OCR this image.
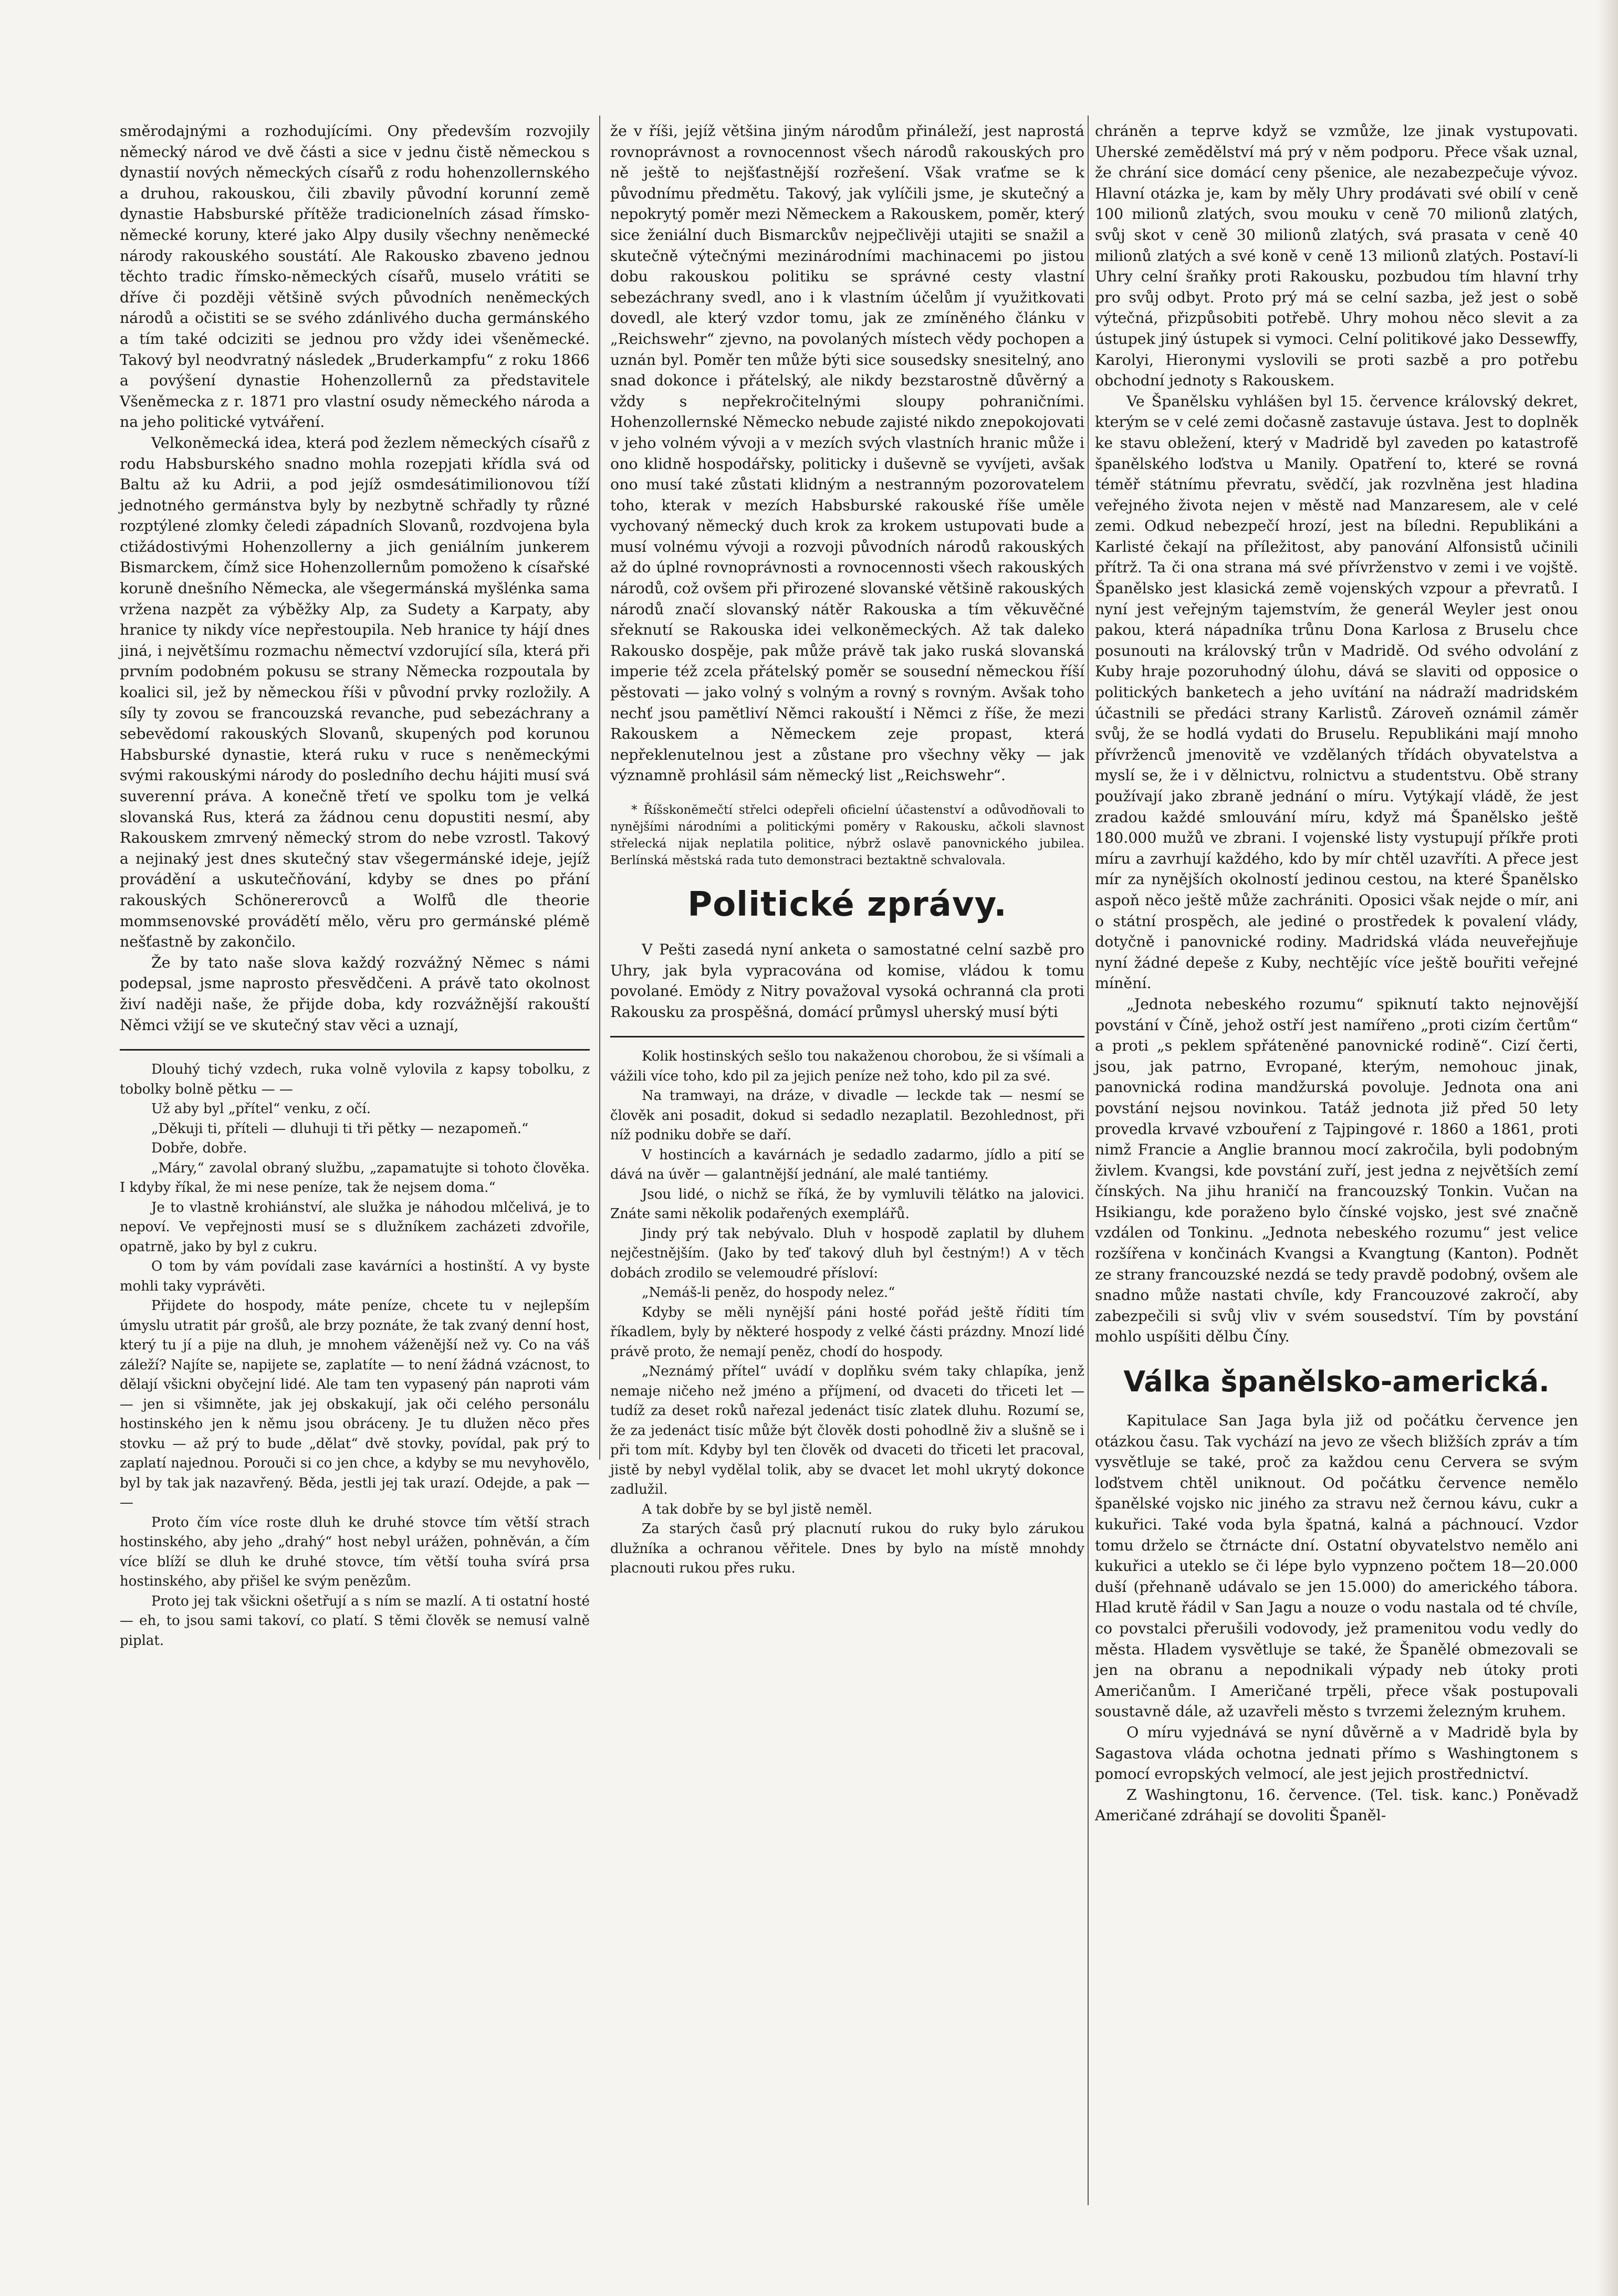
směrodajnými a rozhodujícími. Ony především rozvojily německý národ ve dvě části a sice v jednu čistě německou s dynastií nových německých císařů z rodu hohenzollernského a druhou, rakouskou, čili zbavily původní korunní země dynastie Habsburské přítěže tradicionelních zásad římsko-německé koruny, které jako Alpy dusily všechny neněmecké národy rakouského soustátí. Ale Rakousko zbaveno jednou těchto tradic římsko-německých císařů, muselo vrátiti se dříve či později většině svých původních neněmeckých národů a očistiti se se svého zdánlivého ducha germánského a tím také odciziti se jednou pro vždy idei všeněmecké. Takový byl neodvratný následek „Bruderkampfu“ z roku 1866 a povýšení dynastie Hohenzollernů za představitele Všeněmecka z r. 1871 pro vlastní osudy německého národa a na jeho politické vytváření.

Velkoněmecká idea, která pod žezlem německých císařů z rodu Habsburského snadno mohla rozepjati křídla svá od Baltu až ku Adrii, a pod jejíž osmdesátimilionovou tíží jednotného germánstva byly by nezbytně schřadly ty různé rozptýlené zlomky čeledi západních Slovanů, rozdvojena byla ctižádostivými Hohenzollerny a jich geniálním junkerem Bismarckem, čímž sice Hohenzollernům pomoženo k císařské koruně dnešního Německa, ale všegermánská myšlénka sama vržena nazpět za výběžky Alp, za Sudety a Karpaty, aby hranice ty nikdy více nepřestoupila. Neb hranice ty hájí dnes jiná, i největšímu rozmachu němectví vzdorující síla, která při prvním podobném pokusu se strany Německa rozpoutala by koalici sil, jež by německou říši v původní prvky rozložily. A síly ty zovou se francouzská revanche, pud sebezáchrany a sebevědomí rakouských Slovanů, skupených pod korunou Habsburské dynastie, která ruku v ruce s neněmeckými svými rakouskými národy do posledního dechu hájiti musí svá suverenní práva. A konečně třetí ve spolku tom je velká slovanská Rus, která za žádnou cenu dopustiti nesmí, aby Rakouskem zmrvený německý strom do nebe vzrostl. Takový a nejinaký jest dnes skutečný stav všegermánské ideje, jejíž provádění a uskutečňování, kdyby se dnes po přání rakouských Schönererovců a Wolfů dle theorie mommsenovské provádětí mělo, věru pro germánské plémě nešťastně by zakončilo.

Že by tato naše slova každý rozvážný Němec s námi podepsal, jsme naprosto přesvědčeni. A právě tato okolnost živí naději naše, že přijde doba, kdy rozvážnější rakouští Němci vžijí se ve skutečný stav věci a uznají,

Dlouhý tichý vzdech, ruka volně vylovila z kapsy tobolku, z tobolky bolně pětku — —

Už aby byl „přítel“ venku, z očí.

„Děkuji ti, příteli — dluhuji ti tři pětky — nezapomeň.“

Dobře, dobře.

„Máry,“ zavolal obraný službu, „zapamatujte si tohoto člověka. I kdyby říkal, že mi nese peníze, tak že nejsem doma.“

Je to vlastně krohiánství, ale služka je náhodou mlčelivá, je to nepoví. Ve vepřejnosti musí se s dlužníkem zacházeti zdvořile, opatrně, jako by byl z cukru.

O tom by vám povídali zase kavárníci a hostinští. A vy byste mohli taky vyprávěti.

Přijdete do hospody, máte peníze, chcete tu v nejlepším úmyslu utratit pár grošů, ale brzy poznáte, že tak zvaný denní host, který tu jí a pije na dluh, je mnohem váženější než vy. Co na váš záleží? Najíte se, napijete se, zaplatíte — to není žádná vzácnost, to dělají všickni obyčejní lidé. Ale tam ten vypasený pán naproti vám — jen si všimněte, jak jej obskakují, jak oči celého personálu hostinského jen k němu jsou obráceny. Je tu dlužen něco přes stovku — až prý to bude „dělat“ dvě stovky, povídal, pak prý to zaplatí najednou. Porouči si co jen chce, a kdyby se mu nevyhovělo, byl by tak jak nazavřený. Běda, jestli jej tak urazí. Odejde, a pak — —

Proto čím více roste dluh ke druhé stovce tím větší strach hostinského, aby jeho „drahý“ host nebyl urážen, pohněván, a čím více blíží se dluh ke druhé stovce, tím větší touha svírá prsa hostinského, aby přišel ke svým penězům.

Proto jej tak všickni ošetřují a s ním se mazlí. A ti ostatní hosté — eh, to jsou sami takoví, co platí. S těmi člověk se nemusí valně piplat.

že v říši, jejíž většina jiným národům přináleží, jest naprostá rovnoprávnost a rovnocennost všech národů rakouských pro ně ještě to nejšťastnější rozřešení. Však vraťme se k původnímu předmětu. Takový, jak vylíčili jsme, je skutečný a nepokrytý poměr mezi Německem a Rakouskem, poměr, který sice ženiální duch Bismarckův nejpečlivěji utajiti se snažil a skutečně výtečnými mezinárodními machinacemi po jistou dobu rakouskou politiku se správné cesty vlastní sebezáchrany svedl, ano i k vlastním účelům jí využitkovati dovedl, ale který vzdor tomu, jak ze zmíněného článku v „Reichswehr“ zjevno, na povolaných místech vědy pochopen a uznán byl. Poměr ten může býti sice sousedsky snesitelný, ano snad dokonce i přátelský, ale nikdy bezstarostně důvěrný a vždy s nepřekročitelnými sloupy pohraničními. Hohenzollernské Německo nebude zajisté nikdo znepokojovati v jeho volném vývoji a v mezích svých vlastních hranic může i ono klidně hospodářsky, politicky i duševně se vyvíjeti, avšak ono musí také zůstati klidným a nestranným pozorovatelem toho, kterak v mezích Habsburské rakouské říše uměle vychovaný německý duch krok za krokem ustupovati bude a musí volnému vývoji a rozvoji původních národů rakouských až do úplné rovnoprávnosti a rovnocennosti všech rakouských národů, což ovšem při přirozené slovanské většině rakouských národů značí slovanský nátěr Rakouska a tím věkuvěčné sřeknutí se Rakouska idei velkoněmeckých. Až tak daleko Rakousko dospěje, pak může právě tak jako ruská slovanská imperie též zcela přátelský poměr se sousední německou říší pěstovati — jako volný s volným a rovný s rovným. Avšak toho nechť jsou pamětliví Němci rakouští i Němci z říše, že mezi Rakouskem a Německem zeje propast, která nepřeklenutelnou jest a zůstane pro všechny věky — jak významně prohlásil sám německý list „Reichswehr“.

* Říšskoněmečtí střelci odepřeli oficielní účastenství a odůvodňovali to nynějšími národními a politickými poměry v Rakousku, ačkoli slavnost střelecká nijak neplatila politice, nýbrž oslavě panovnického jubilea. Berlínská městská rada tuto demonstraci beztaktně schvalovala.

Politické zprávy.

V Pešti zasedá nyní anketa o samostatné celní sazbě pro Uhry, jak byla vypracována od komise, vládou k tomu povolané. Emödy z Nitry považoval vysoká ochranná cla proti Rakousku za prospěšná, domácí průmysl uherský musí býti

Kolik hostinských sešlo tou nakaženou chorobou, že si všímali a vážili více toho, kdo pil za jejich peníze než toho, kdo pil za své.

Na tramwayi, na dráze, v divadle — leckde tak — nesmí se člověk ani posadit, dokud si sedadlo nezaplatil. Bezohlednost, při níž podniku dobře se daří.

V hostincích a kavárnách je sedadlo zadarmo, jídlo a pití se dává na úvěr — galantnější jednání, ale malé tantiémy.

Jsou lidé, o nichž se říká, že by vymluvili tělátko na jalovici. Znáte sami několik podařených exemplářů.

Jindy prý tak nebývalo. Dluh v hospodě zaplatil by dluhem nejčestnějším. (Jako by teď takový dluh byl čestným!) A v těch dobách zrodilo se velemoudré přísloví:

„Nemáš-li peněz, do hospody nelez.“

Kdyby se měli nynější páni hosté pořád ještě říditi tím říkadlem, byly by některé hospody z velké části prázdny. Mnozí lidé právě proto, že nemají peněz, chodí do hospody.

„Neznámý přítel“ uvádí v doplňku svém taky chlapíka, jenž nemaje ničeho než jméno a příjmení, od dvaceti do třiceti let — tudíž za deset roků nařezal jedenáct tisíc zlatek dluhu. Rozumí se, že za jedenáct tisíc může být člověk dosti pohodlně živ a slušně se i při tom mít. Kdyby byl ten člověk od dvaceti do třiceti let pracoval, jistě by nebyl vydělal tolik, aby se dvacet let mohl ukrytý dokonce zadlužil.

A tak dobře by se byl jistě neměl.

Za starých časů prý placnutí rukou do ruky bylo zárukou dlužníka a ochranou věřitele. Dnes by bylo na místě mnohdy placnouti rukou přes ruku.

chráněn a teprve když se vzmůže, lze jinak vystupovati. Uherské zemědělství má prý v něm podporu. Přece však uznal, že chrání sice domácí ceny pšenice, ale nezabezpečuje vývoz. Hlavní otázka je, kam by měly Uhry prodávati své obilí v ceně 100 milionů zlatých, svou mouku v ceně 70 milionů zlatých, svůj skot v ceně 30 milionů zlatých, svá prasata v ceně 40 milionů zlatých a své koně v ceně 13 milionů zlatých. Postaví-li Uhry celní šraňky proti Rakousku, pozbudou tím hlavní trhy pro svůj odbyt. Proto prý má se celní sazba, jež jest o sobě výtečná, přizpůsobiti potřebě. Uhry mohou něco slevit a za ústupek jiný ústupek si vymoci. Celní politikové jako Dessewffy, Karolyi, Hieronymi vyslovili se proti sazbě a pro potřebu obchodní jednoty s Rakouskem.

Ve Španělsku vyhlášen byl 15. července královský dekret, kterým se v celé zemi dočasně zastavuje ústava. Jest to doplněk ke stavu obležení, který v Madridě byl zaveden po katastrofě španělského loďstva u Manily. Opatření to, které se rovná téměř státnímu převratu, svědčí, jak rozvlněna jest hladina veřejného života nejen v městě nad Manzaresem, ale v celé zemi. Odkud nebezpečí hrozí, jest na bíledni. Republikáni a Karlisté čekají na příležitost, aby panování Alfonsistů učinili přítrž. Ta či ona strana má své přívrženstvo v zemi i ve vojště. Španělsko jest klasická země vojenských vzpour a převratů. I nyní jest veřejným tajemstvím, že generál Weyler jest onou pakou, která nápadníka trůnu Dona Karlosa z Bruselu chce posunouti na královský trůn v Madridě. Od svého odvolání z Kuby hraje pozoruhodný úlohu, dává se slaviti od opposice o politických banketech a jeho uvítání na nádraží madridském účastnili se předáci strany Karlistů. Zároveň oznámil záměr svůj, že se hodlá vydati do Bruselu. Republikáni mají mnoho přívrženců jmenovitě ve vzdělaných třídách obyvatelstva a myslí se, že i v dělnictvu, rolnictvu a studentstvu. Obě strany používají jako zbraně jednání o míru. Vytýkají vládě, že jest zradou každé smlouvání míru, když má Španělsko ještě 180.000 mužů ve zbrani. I vojenské listy vystupují příkře proti míru a zavrhují každého, kdo by mír chtěl uzavříti. A přece jest mír za nynějších okolností jedinou cestou, na které Španělsko aspoň něco ještě může zachrániti. Oposici však nejde o mír, ani o státní prospěch, ale jediné o prostředek k povalení vlády, dotyčně i panovnické rodiny. Madridská vláda neuveřejňuje nyní žádné depeše z Kuby, nechtějíc více ještě bouřiti veřejné mínění.

„Jednota nebeského rozumu“ spiknutí takto nejnovější povstání v Číně, jehož ostří jest namířeno „proti cizím čertům“ a proti „s peklem spřáteněné panovnické rodině“. Cizí čerti, jsou, jak patrno, Evropané, kterým, nemohouc jinak, panovnická rodina mandžurská povoluje. Jednota ona ani povstání nejsou novinkou. Tatáž jednota již před 50 lety provedla krvavé vzbouření z Tajpingové r. 1860 a 1861, proti nimž Francie a Anglie brannou mocí zakročila, byli podobným živlem. Kvangsi, kde povstání zuří, jest jedna z největších zemí čínských. Na jihu hraničí na francouzský Tonkin. Vučan na Hsikiangu, kde poraženo bylo čínské vojsko, jest své značně vzdálen od Tonkinu. „Jednota nebeského rozumu“ jest velice rozšířena v končinách Kvangsi a Kvangtung (Kanton). Podnět ze strany francouzské nezdá se tedy pravdě podobný, ovšem ale snadno může nastati chvíle, kdy Francouzové zakročí, aby zabezpečili si svůj vliv v svém sousedství. Tím by povstání mohlo uspíšiti dělbu Číny.

Válka španělsko-americká.

Kapitulace San Jaga byla již od počátku července jen otázkou času. Tak vychází na jevo ze všech bližších zpráv a tím vysvětluje se také, proč za každou cenu Cervera se svým loďstvem chtěl uniknout. Od počátku července nemělo španělské vojsko nic jiného za stravu než černou kávu, cukr a kukuřici. Také voda byla špatná, kalná a páchnoucí. Vzdor tomu drželo se čtrnácte dní. Ostatní obyvatelstvo nemělo ani kukuřici a uteklo se či lépe bylo vypnzeno počtem 18—20.000 duší (přehnaně udávalo se jen 15.000) do amerického tábora. Hlad krutě řádil v San Jagu a nouze o vodu nastala od té chvíle, co povstalci přerušili vodovody, jež pramenitou vodu vedly do města. Hladem vysvětluje se také, že Španělé obmezovali se jen na obranu a nepodnikali výpady neb útoky proti Američanům. I Američané trpěli, přece však postupovali soustavně dále, až uzavřeli město s tvrzemi železným kruhem.

O míru vyjednává se nyní důvěrně a v Madridě byla by Sagastova vláda ochotna jednati přímo s Washingtonem s pomocí evropských velmocí, ale jest jejich prostřednictví.

Z Washingtonu, 16. července. (Tel. tisk. kanc.) Poněvadž Američané zdráhají se dovoliti Španěl-
